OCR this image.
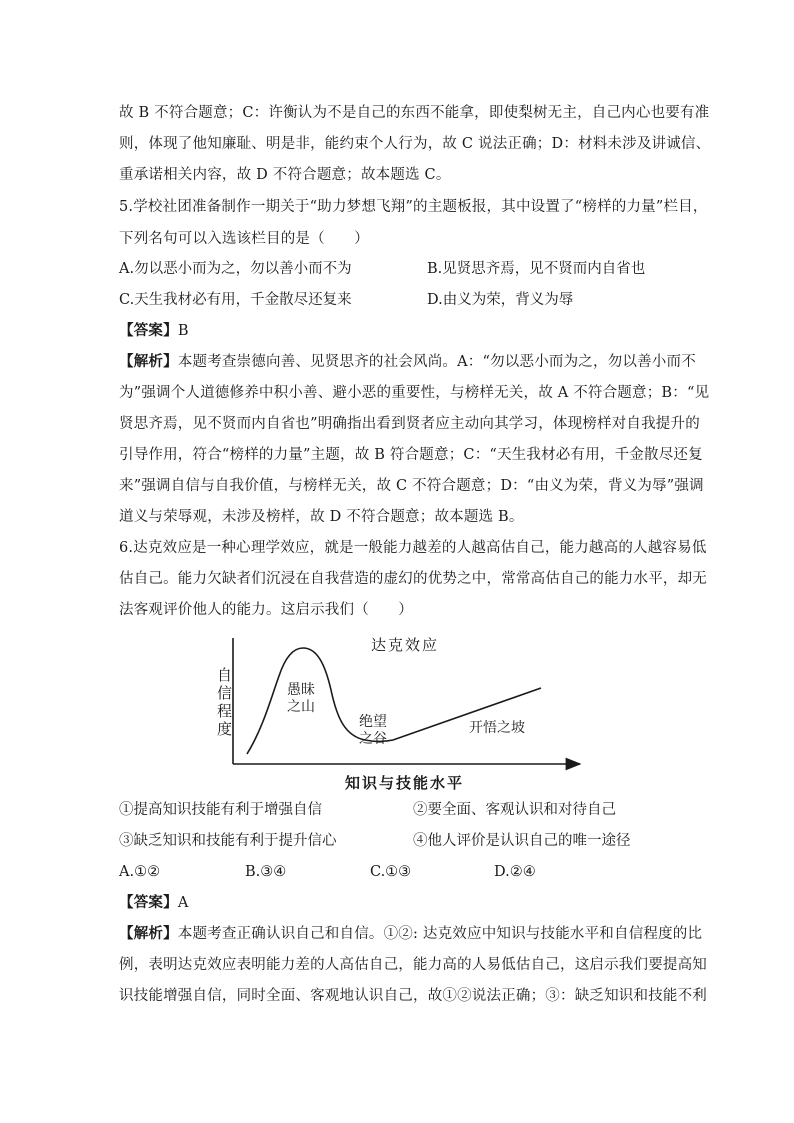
故 B 不符合题意；C：许衡认为不是自己的东西不能拿，即使梨树无主，自己内心也要有准
则，体现了他知廉耻、明是非，能约束个人行为，故 C 说法正确；D：材料未涉及讲诚信、
重承诺相关内容，故 D 不符合题意；故本题选 C。
5.学校社团准备制作一期关于“助力梦想飞翔”的主题板报，其中设置了“榜样的力量”栏目，
下列名句可以入选该栏目的是（　　）
A.勿以恶小而为之，勿以善小而不为	B.见贤思齐焉，见不贤而内自省也
C.天生我材必有用，千金散尽还复来	D.由义为荣，背义为辱
【答案】B
【解析】本题考查崇德向善、见贤思齐的社会风尚。A：“勿以恶小而为之，勿以善小而不
为”强调个人道德修养中积小善、避小恶的重要性，与榜样无关，故 A 不符合题意；B：“见
贤思齐焉，见不贤而内自省也”明确指出看到贤者应主动向其学习，体现榜样对自我提升的
引导作用，符合“榜样的力量”主题，故 B 符合题意；C：“天生我材必有用，千金散尽还复
来”强调自信与自我价值，与榜样无关，故 C 不符合题意；D：“由义为荣，背义为辱”强调
道义与荣辱观，未涉及榜样，故 D 不符合题意；故本题选 B。
6.达克效应是一种心理学效应，就是一般能力越差的人越高估自己，能力越高的人越容易低
估自己。能力欠缺者们沉浸在自我营造的虚幻的优势之中，常常高估自己的能力水平，却无
法客观评价他人的能力。这启示我们（　　）
达克效应
自信程度
愚昧之山
绝望之谷
开悟之坡
知识与技能水平
①提高知识技能有利于增强自信	②要全面、客观认识和对待自己
③缺乏知识和技能有利于提升信心	④他人评价是认识自己的唯一途径
A.①②	B.③④	C.①③	D.②④
【答案】A
【解析】本题考查正确认识自己和自信。①②: 达克效应中知识与技能水平和自信程度的比
例，表明达克效应表明能力差的人高估自己，能力高的人易低估自己，这启示我们要提高知
识技能增强自信，同时全面、客观地认识自己，故①②说法正确；③：缺乏知识和技能不利
